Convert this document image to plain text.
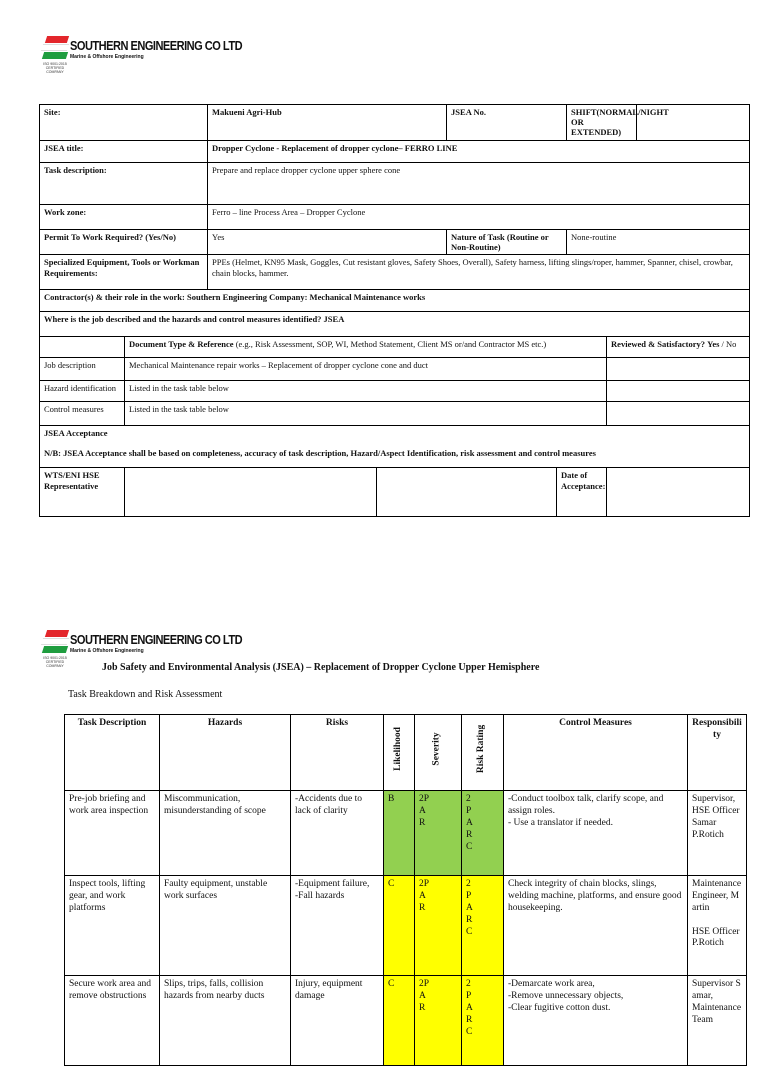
SOUTHERN ENGINEERING CO LTD
Marine & Offshore Engineering
ISO 9001:2015
CERTIFIED COMPANY
Site:		Makueni Agri-Hub		JSEA No.		SHIFT(NORMAL/NIGHT OR EXTENDED)		
JSEA title:		Dropper Cyclone - Replacement of dropper cyclone– FERRO LINE						
Task description:		Prepare and replace dropper cyclone upper sphere cone						
Work zone:		Ferro – line Process Area – Dropper Cyclone						
Permit To Work Required? (Yes/No)		Yes		Nature of Task (Routine or Non-Routine)		None-routine		
Specialized Equipment, Tools or Workman Requirements:		PPEs (Helmet, KN95 Mask, Goggles, Cut resistant gloves, Safety Shoes, Overall), Safety harness, lifting slings/roper, hammer, Spanner, chisel, crowbar, chain blocks, hammer.						
Contractor(s) & their role in the work: Southern Engineering Company: Mechanical Maintenance works								
Where is the job described and the hazards and control measures identified? JSEA								
	Document Type & Reference (e.g., Risk Assessment, SOP, WI, Method Statement, Client MS or/and Contractor MS etc.)						Reviewed & Satisfactory? Yes / No	
Job description	Mechanical Maintenance repair works – Replacement of dropper cyclone cone and duct							
Hazard identification	Listed in the task table below							
Control measures	Listed in the task table below							

JSEA Acceptance
N/B: JSEA Acceptance shall be based on completeness, accuracy of task description, Hazard/Aspect Identification, risk assessment and control measures								

WTS/ENI HSE Representative					Date of Acceptance:			
SOUTHERN ENGINEERING CO LTD
Marine & Offshore Engineering
ISO 9001:2015
CERTIFIED COMPANY	Job Safety and Environmental Analysis (JSEA) – Replacement of Dropper Cyclone Upper Hemisphere
Task Breakdown and Risk Assessment
Task Description	Hazards	Risks	Likelihood	Severity	Risk Rating	Control Measures	Responsibility
Pre-job briefing and work area inspection	Miscommunication, misunderstanding of scope	-Accidents due to lack of clarity	B	2P
A
R	2
P
A
R
C	-Conduct toolbox talk, clarify scope, and assign roles.
- Use a translator if needed.	Supervisor,
HSE Officer
Samar
P.Rotich
Inspect tools, lifting gear, and work platforms	Faulty equipment, unstable work surfaces	-Equipment failure,
-Fall hazards	C	2P
A
R	2
P
A
R
C	Check integrity of chain blocks, slings, welding machine, platforms, and ensure good housekeeping.	Maintenance Engineer, Martin

HSE Officer
P.Rotich
Secure work area and remove obstructions	Slips, trips, falls, collision hazards from nearby ducts	Injury, equipment damage	C	2P
A
R	2
P
A
R
C	-Demarcate work area,
-Remove unnecessary objects,
-Clear fugitive cotton dust.	Supervisor Samar,
Maintenance Team
